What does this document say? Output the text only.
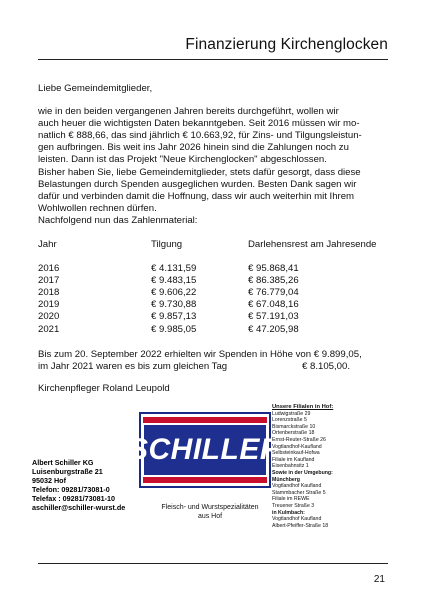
Finanzierung Kirchenglocken

Liebe Gemeindemitglieder,

wie in den beiden vergangenen Jahren bereits durchgeführt, wollen wir

auch heuer die wichtigsten Daten bekanntgeben. Seit 2016 müssen wir mo-

natlich € 888,66, das sind jährlich € 10.663,92, für Zins- und Tilgungsleistun-

gen aufbringen. Bis weit ins Jahr 2026 hinein sind die Zahlungen noch zu

leisten. Dann ist das Projekt "Neue Kirchenglocken" abgeschlossen.

Bisher haben Sie, liebe Gemeindemitglieder, stets dafür gesorgt, dass diese

Belastungen durch Spenden ausgeglichen wurden. Besten Dank sagen wir

dafür und verbinden damit die Hoffnung, dass wir auch weiterhin mit Ihrem

Wohlwollen rechnen dürfen.

Nachfolgend nun das Zahlenmaterial:

Jahr	Tilgung	Darlehensrest am Jahresende
2016	€ 4.131,59	€ 95.868,41
2017	€ 9.483,15	€ 86.385,26
2018	€ 9.606,22	€ 76.779,04
2019	€ 9.730,88	€ 67.048,16
2020	€ 9.857,13	€ 57.191,03
2021	€ 9.985,05	€ 47.205,98
Bis zum 20. September 2022 erhielten wir Spenden in Höhe von € 9.899,05,
im Jahr 2021 waren es bis zum gleichen Tag	€ 8.105,00.
Kirchenpfleger Roland Leupold
Albert Schiller KG
Luisenburgstraße 21
95032 Hof
Telefon: 09281/73081-0
Telefax : 09281/73081-10
aschiller@schiller-wurst.de
SCHILLER
Fleisch- und Wurstspezialitäten
aus Hof
Unsere Filialen in Hof:
Ludwigstraße 29
Lorenzstraße 5
Bismarckstraße 10
Ortenberstraße 18
Ernst-Reuter-Straße 26
Vogtlandhof-Kaufland
Selbsteinkauf-Hofwa
Filiale im Kaufland
Eisenbahnsitz 1
Sowie in der Umgebung:
Münchberg
Vogtlandhof Kaufland
Stammbacher Straße 5
Filiale im REWE
Treuener Straße 3
in Kulmbach:
Vogtlandhof Kaufland
Albert-Pfeiffer-Straße 18
21
